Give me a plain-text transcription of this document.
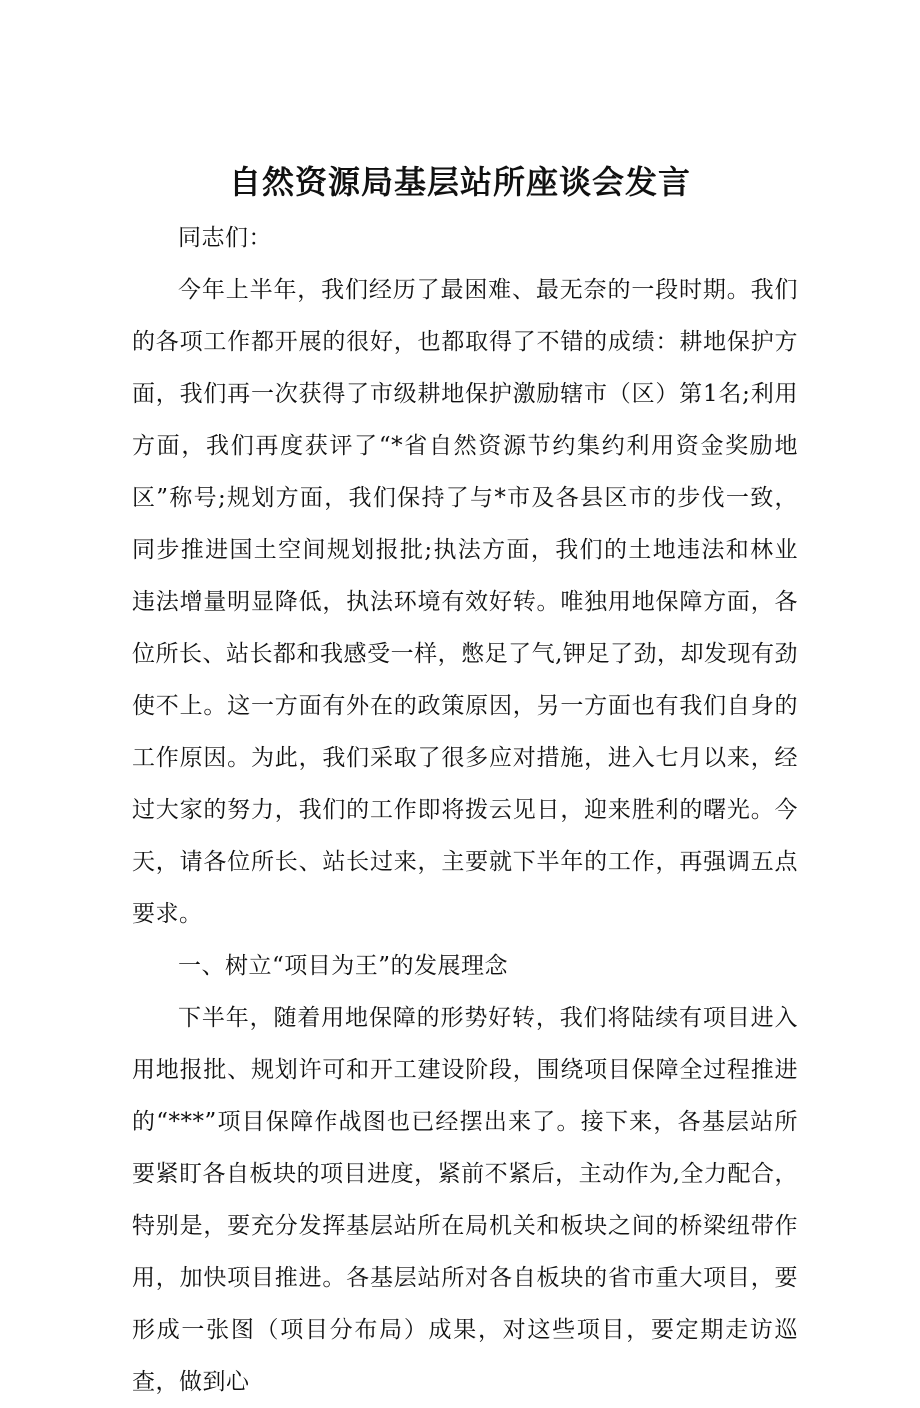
自然资源局基层站所座谈会发言

同志们：

今年上半年，我们经历了最困难、最无奈的一段时期。我们的各项工作都开展的很好，也都取得了不错的成绩：耕地保护方面，我们再一次获得了市级耕地保护激励辖市（区）第1名;利用方面，我们再度获评了“*省自然资源节约集约利用资金奖励地区”称号;规划方面，我们保持了与*市及各县区市的步伐一致，同步推进国土空间规划报批;执法方面，我们的土地违法和林业违法增量明显降低，执法环境有效好转。唯独用地保障方面，各位所长、站长都和我感受一样，憋足了气,钾足了劲，却发现有劲使不上。这一方面有外在的政策原因，另一方面也有我们自身的工作原因。为此，我们采取了很多应对措施，进入七月以来，经过大家的努力，我们的工作即将拨云见日，迎来胜利的曙光。今天，请各位所长、站长过来，主要就下半年的工作，再强调五点要求。

一、树立“项目为王”的发展理念

下半年，随着用地保障的形势好转，我们将陆续有项目进入用地报批、规划许可和开工建设阶段，围绕项目保障全过程推进的“***”项目保障作战图也已经摆出来了。接下来，各基层站所要紧盯各自板块的项目进度，紧前不紧后，主动作为,全力配合，特别是，要充分发挥基层站所在局机关和板块之间的桥梁纽带作用，加快项目推进。各基层站所对各自板块的省市重大项目，要形成一张图（项目分布局）成果，对这些项目，要定期走访巡查，做到心
